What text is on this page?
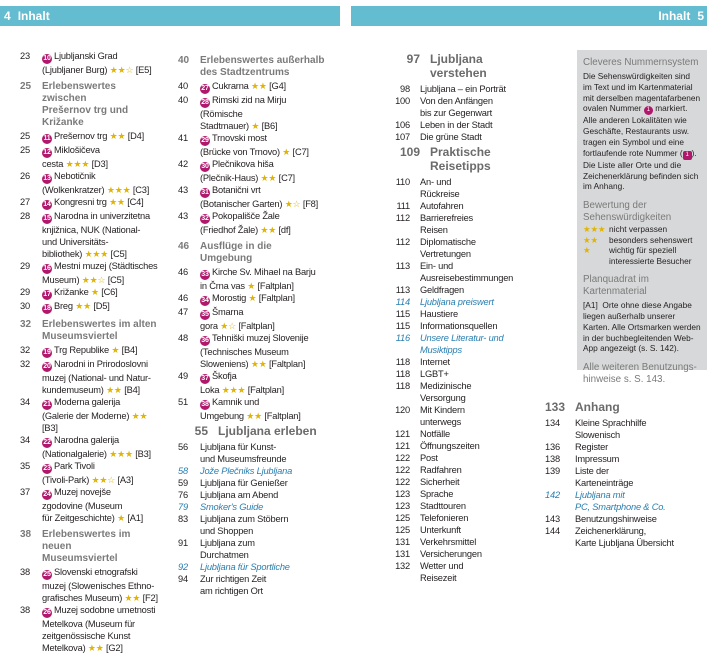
4 Inhalt	Inhalt 5
23	10 Ljubljanski Grad
(Ljubljaner Burg) ★★☆ [E5]
25	Erlebenswertes zwischen
Prešernov trg und Križanke
25	11 Prešernov trg ★★ [D4]
25	12 Miklošičeva
cesta ★★★ [D3]
26	13 Nebotičnik
(Wolkenkratzer) ★★★ [C3]
27	14 Kongresni trg ★★ [C4]
28	15 Narodna in univerzitetna
knjižnica, NUK (National-
und Universitäts-
bibliothek) ★★★ [C5]
29	16 Mestni muzej (Städtisches
Museum) ★★☆ [C5]
29	17 Križanke ★ [C6]
30	18 Breg ★★ [D5]
32	Erlebenswertes im alten
Museumsviertel
32	19 Trg Republike ★ [B4]
32	20 Narodni in Prirodoslovni
muzej (National- und Natur-
kundemuseum) ★★ [B4]
34	21 Moderna galerija
(Galerie der Moderne) ★★ [B3]
34	22 Narodna galerija
(Nationalgalerie) ★★★ [B3]
35	23 Park Tivoli
(Tivoli-Park) ★★☆ [A3]
37	24 Muzej novejše
zgodovine (Museum
für Zeitgeschichte) ★ [A1]
38	Erlebenswertes im neuen
Museumsviertel
38	25 Slovenski etnografski
muzej (Slowenisches Ethno-
grafisches Museum) ★★ [F2]
38	26 Muzej sodobne umetnosti
Metelkova (Museum für
zeitgenössische Kunst
Metelkova) ★★ [G2]
40	Erlebenswertes außerhalb
des Stadtzentrums
40	27 Cukrarna ★★ [G4]
40	28 Rimski zid na Mirju
(Römische
Stadtmauer) ★ [B6]
41	29 Trnovski most
(Brücke von Trnovo) ★ [C7]
42	30 Plečnikova hiša
(Plečnik-Haus) ★★ [C7]
43	31 Botanični vrt
(Botanischer Garten) ★☆ [F8]
43	32 Pokopališče Žale
(Friedhof Žale) ★★ [df]
46	Ausflüge in die
Umgebung
46	33 Kirche Sv. Mihael na Barju
in Črna vas ★ [Faltplan]
46	34 Morostig ★ [Faltplan]
47	35 Šmarna
gora ★☆ [Faltplan]
48	36 Tehniški muzej Slovenije
(Technisches Museum
Sloweniens) ★★ [Faltplan]
49	37 Škofja
Loka ★★★ [Faltplan]
51	38 Kamnik und
Umgebung ★★ [Faltplan]
55 Ljubljana erleben
56	Ljubljana für Kunst-
und Museumsfreunde
58	Jože Plečniks Ljubljana
59	Ljubljana für Genießer
76	Ljubljana am Abend
79	Smoker's Guide
83	Ljubljana zum Stöbern
und Shoppen
91	Ljubljana zum
Durchatmen
92	Ljubljana für Sportliche
94	Zur richtigen Zeit
am richtigen Ort
97 Ljubljana verstehen
98	Ljubljana – ein Porträt
100	Von den Anfängen
bis zur Gegenwart
106	Leben in der Stadt
107	Die grüne Stadt
109 Praktische
Reisetipps
110	An- und
Rückreise
111	Autofahren
112	Barrierefreies
Reisen
112	Diplomatische
Vertretungen
113	Ein- und
Ausreisebestimmungen
113	Geldfragen
114	Ljubljana preiswert
115	Haustiere
115	Informationsquellen
116	Unsere Literatur- und
Musiktipps
118	Internet
118	LGBT+
118	Medizinische
Versorgung
120	Mit Kindern
unterwegs
121	Notfälle
121	Öffnungszeiten
122	Post
122	Radfahren
122	Sicherheit
123	Sprache
123	Stadttouren
125	Telefonieren
125	Unterkunft
131	Verkehrsmittel
131	Versicherungen
132	Wetter und
Reisezeit
Cleveres Nummernsystem
Die Sehenswürdigkeiten sind im Text und im Kartenmaterial mit derselben magentafarbenen ovalen Nummer 1 markiert. Alle anderen Lokalitäten wie Geschäfte, Restaurants usw. tragen ein Symbol und eine fortlaufende rote Nummer ( 1 ). Die Liste aller Orte und die Zeichenerklärung befinden sich im Anhang.
Bewertung der Sehenswürdigkeiten
★★★ nicht verpassen
★★	besonders sehenswert
★	wichtig für speziell
interessierte Besucher
Planquadrat im Kartenmaterial
[A1] Orte ohne diese Angabe liegen außerhalb unserer Karten. Alle Ortsmarken werden in der buchbegleitenden Web-App angezeigt (s. S. 142).
Alle weiteren Benutzungs-
hinweise s. S. 143.
133 Anhang
134	Kleine Sprachhilfe
Slowenisch
136	Register
138	Impressum
139	Liste der
Karteneinträge
142	Ljubljana mit
PC, Smartphone & Co.
143	Benutzungshinweise
144	Zeichenerklärung,
Karte Ljubljana Übersicht
